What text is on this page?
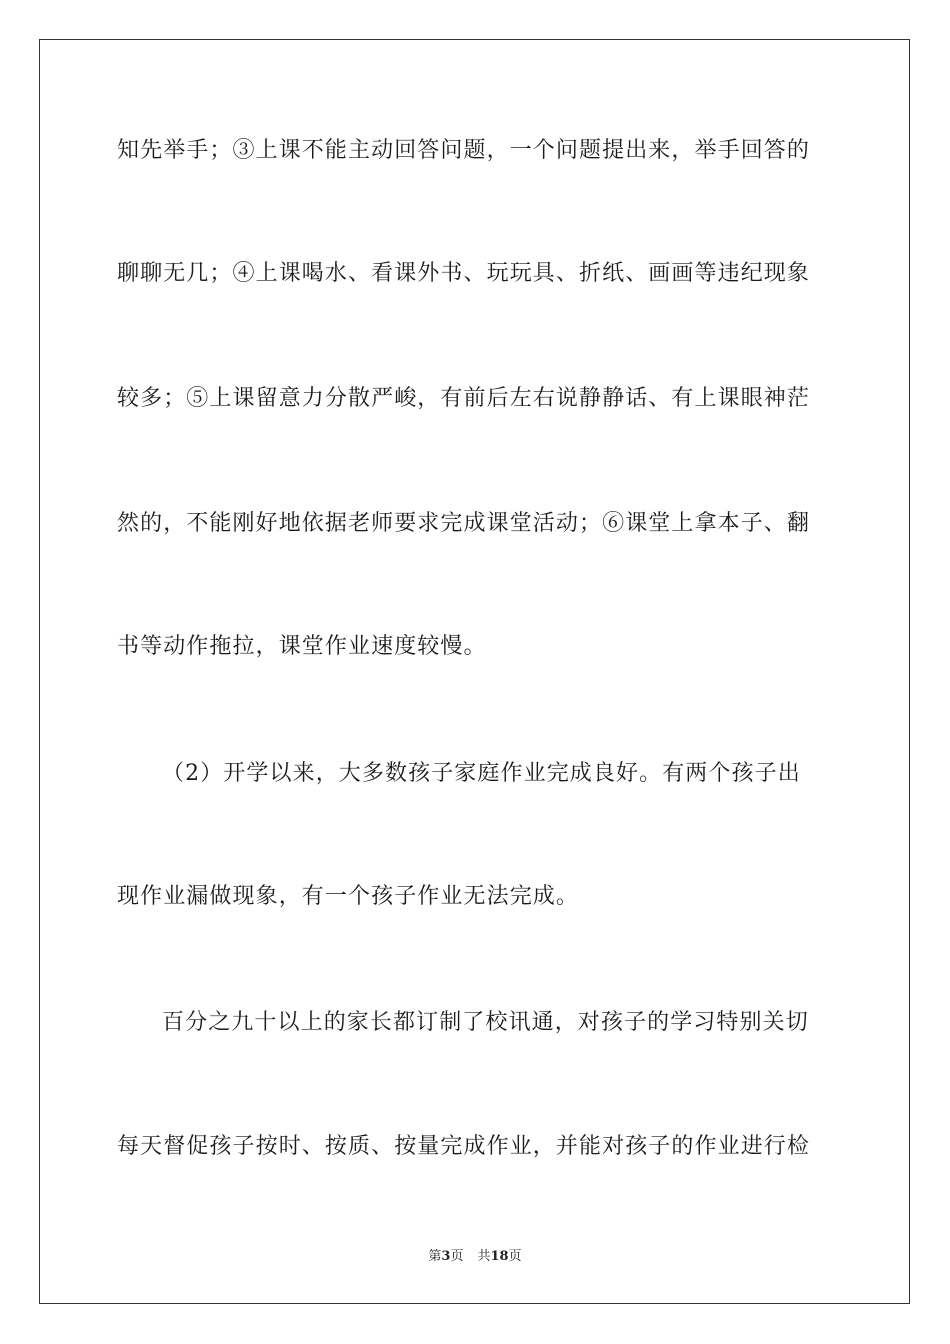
知先举手；③上课不能主动回答问题，一个问题提出来，举手回答的
聊聊无几；④上课喝水、看课外书、玩玩具、折纸、画画等违纪现象
较多；⑤上课留意力分散严峻，有前后左右说静静话、有上课眼神茫
然的，不能刚好地依据老师要求完成课堂活动；⑥课堂上拿本子、翻
书等动作拖拉，课堂作业速度较慢。
（2）开学以来，大多数孩子家庭作业完成良好。有两个孩子出
现作业漏做现象，有一个孩子作业无法完成。
百分之九十以上的家长都订制了校讯通，对孩子的学习特别关切
每天督促孩子按时、按质、按量完成作业，并能对孩子的作业进行检
第3页 共18页
